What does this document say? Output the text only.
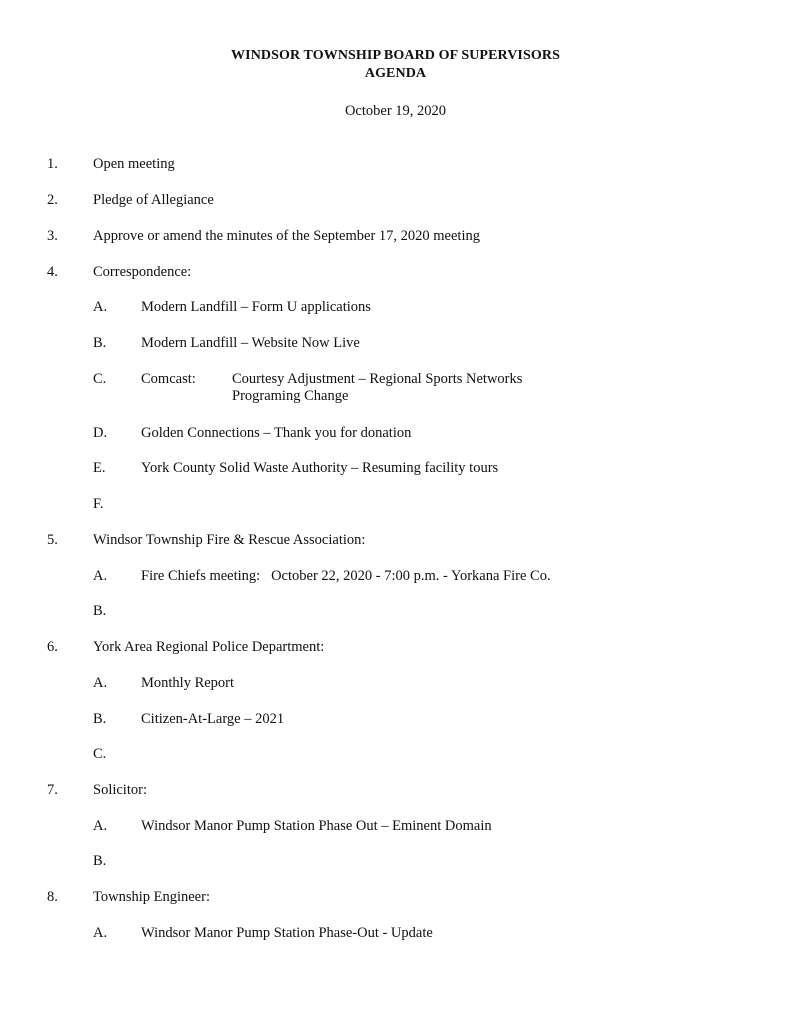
WINDSOR TOWNSHIP BOARD OF SUPERVISORS
AGENDA
October 19, 2020
1. Open meeting
2. Pledge of Allegiance
3. Approve or amend the minutes of the September 17, 2020 meeting
4. Correspondence:
A. Modern Landfill – Form U applications
B. Modern Landfill – Website Now Live
C. Comcast: Courtesy Adjustment – Regional Sports Networks
Programing Change
D. Golden Connections – Thank you for donation
E. York County Solid Waste Authority – Resuming facility tours
F.
5. Windsor Township Fire & Rescue Association:
A. Fire Chiefs meeting:   October 22, 2020 - 7:00 p.m. - Yorkana Fire Co.
B.
6. York Area Regional Police Department:
A. Monthly Report
B. Citizen-At-Large – 2021
C.
7. Solicitor:
A. Windsor Manor Pump Station Phase Out – Eminent Domain
B.
8. Township Engineer:
A. Windsor Manor Pump Station Phase-Out - Update
